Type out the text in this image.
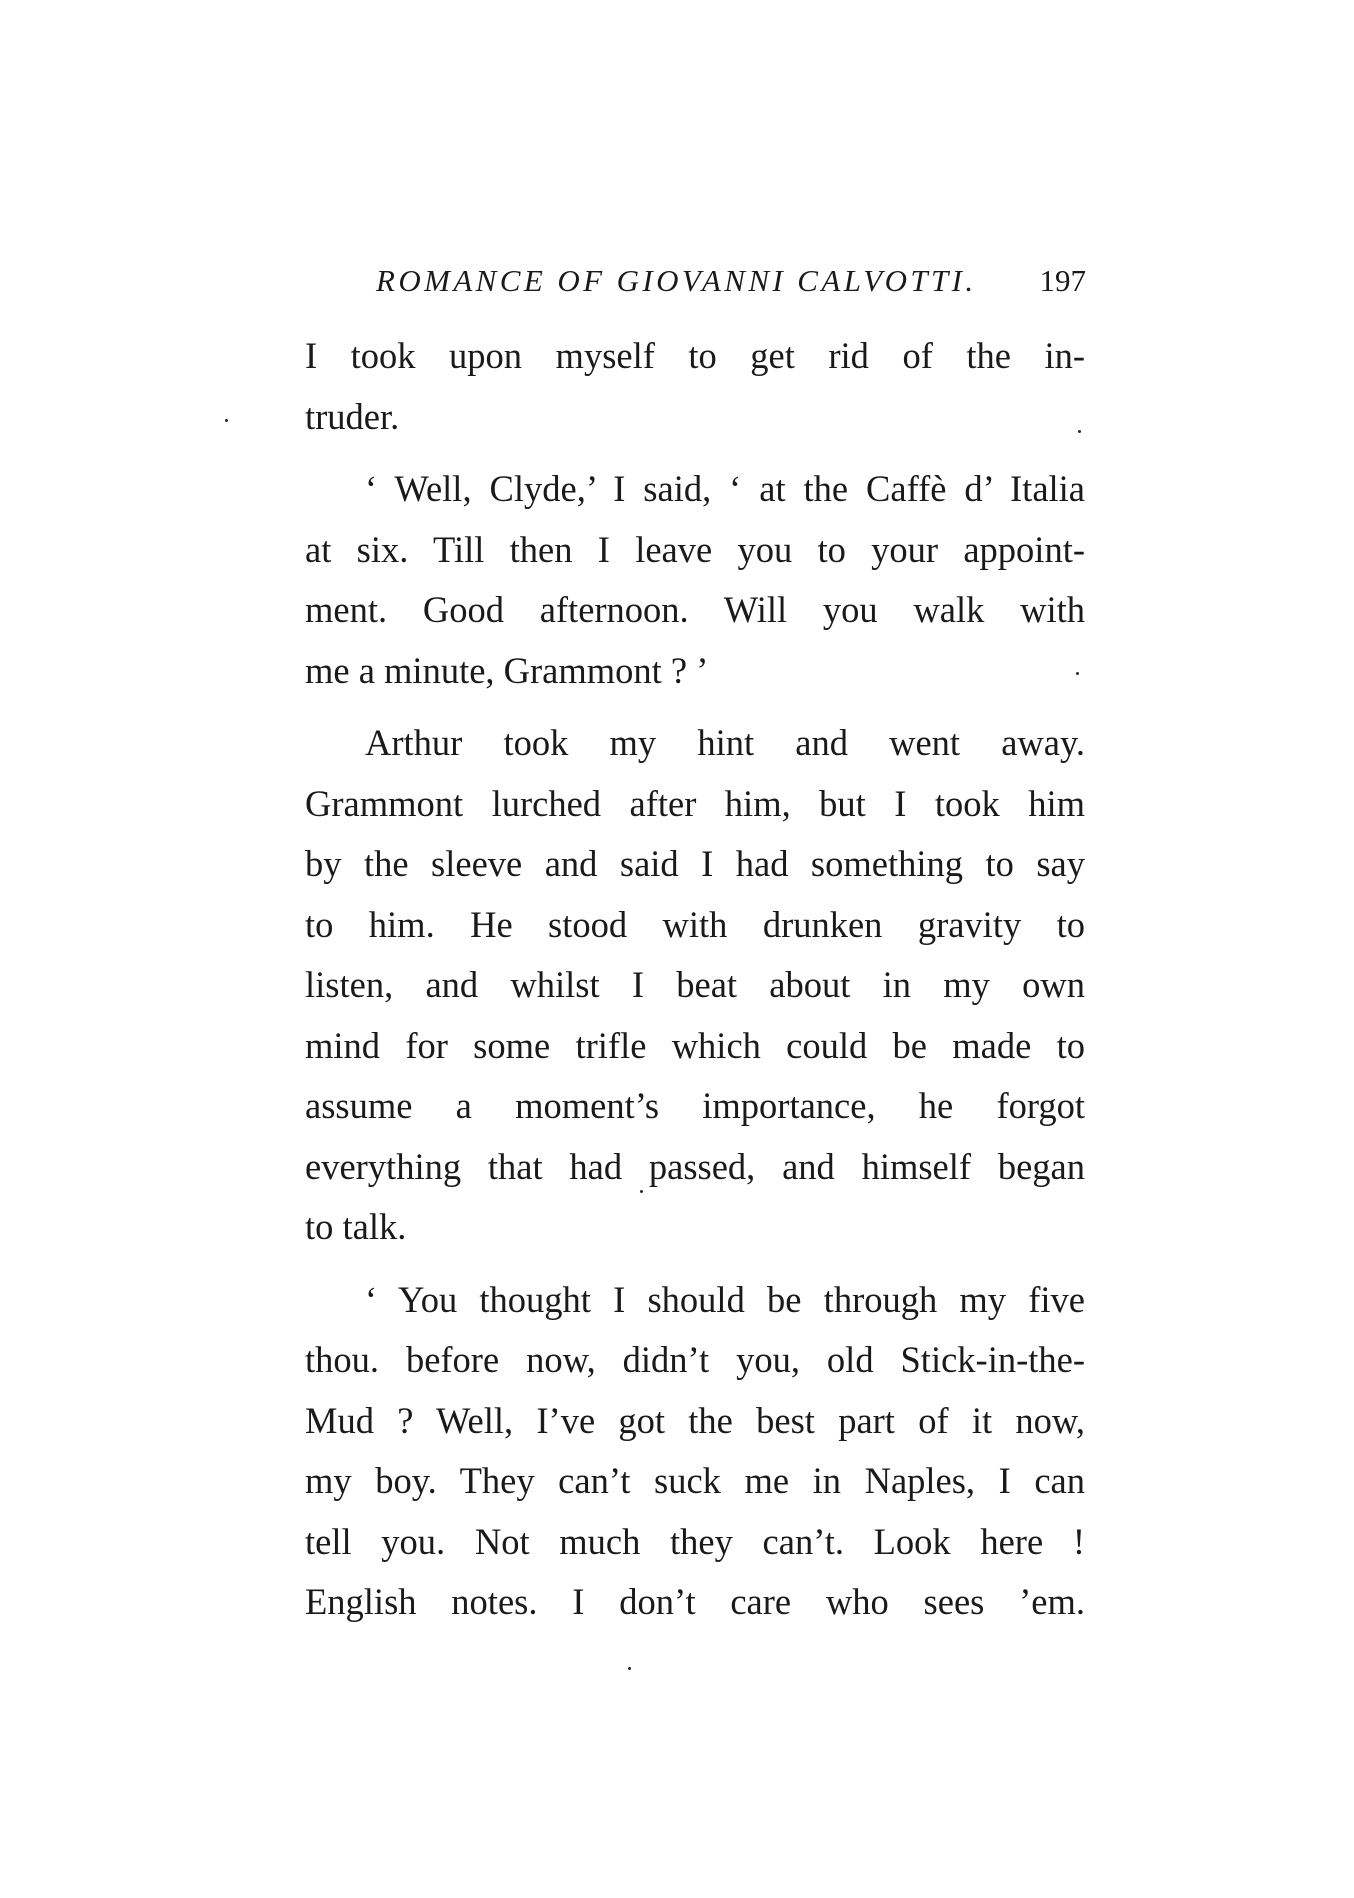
ROMANCE OF GIOVANNI CALVOTTI. 197
I took upon myself to get rid of the in-
truder.
‘ Well, Clyde,’ I said, ‘ at the Caffè d’ Italia
at six. Till then I leave you to your appoint-
ment. Good afternoon. Will you walk with
me a minute, Grammont ? ’
Arthur took my hint and went away.
Grammont lurched after him, but I took him
by the sleeve and said I had something to say
to him. He stood with drunken gravity to
listen, and whilst I beat about in my own
mind for some trifle which could be made to
assume a moment’s importance, he forgot
everything that had passed, and himself began
to talk.
‘ You thought I should be through my five
thou. before now, didn’t you, old Stick-in-the-
Mud ? Well, I’ve got the best part of it now,
my boy. They can’t suck me in Naples, I can
tell you. Not much they can’t. Look here !
English notes. I don’t care who sees ’em.
